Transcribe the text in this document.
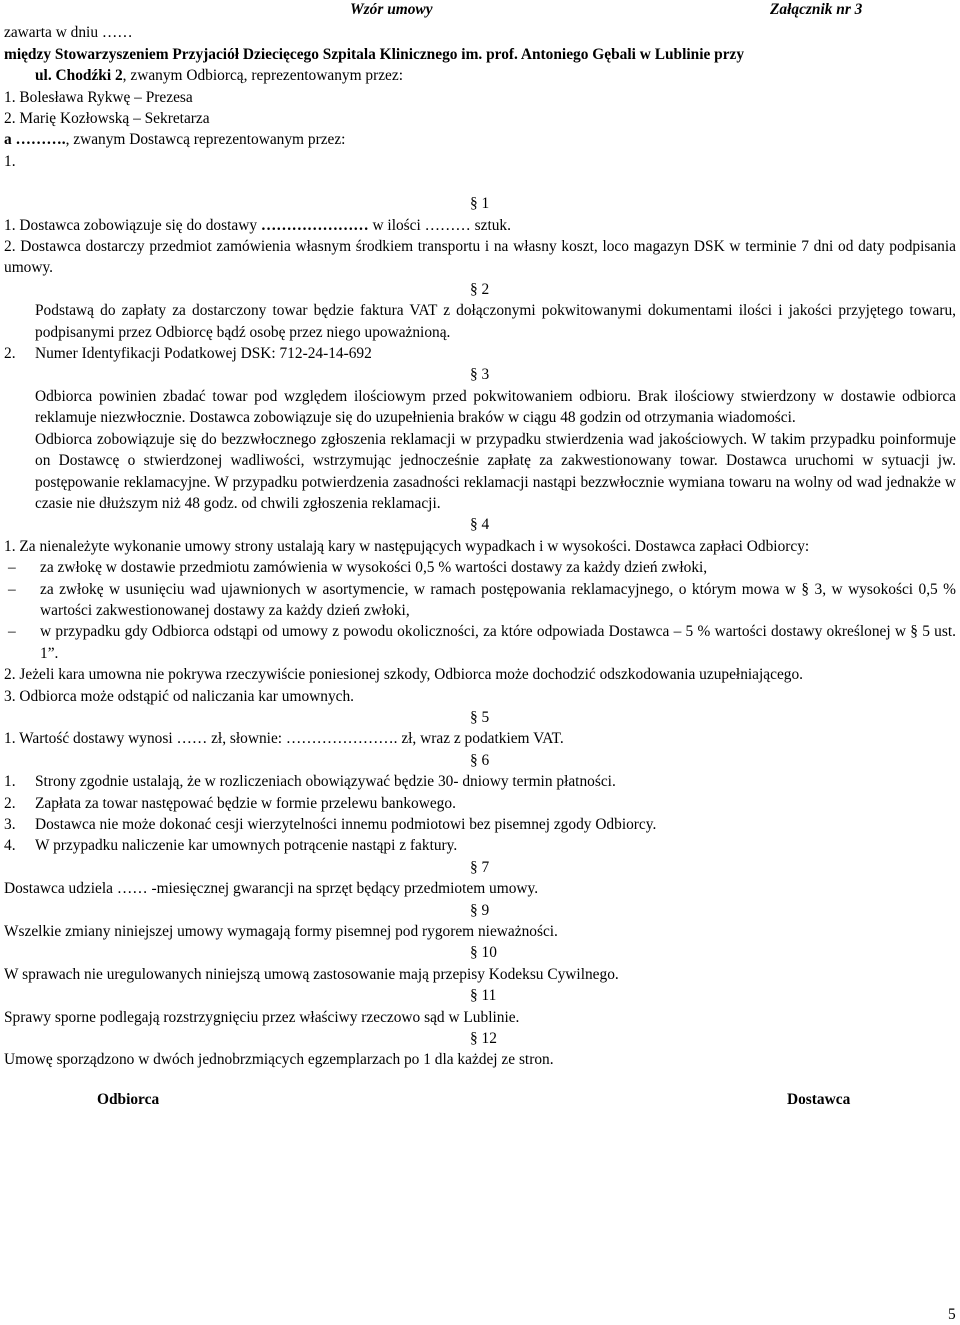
Wzór umowy	Załącznik nr 3
zawarta w dniu ……
między Stowarzyszeniem Przyjaciół Dziecięcego Szpitala Klinicznego im. prof. Antoniego Gębali w Lublinie przy
ul. Chodźki 2, zwanym Odbiorcą, reprezentowanym przez:
1. Bolesława Rykwę – Prezesa
2. Marię Kozłowską – Sekretarza
a ………., zwanym Dostawcą reprezentowanym przez:
1.
§ 1
1. Dostawca zobowiązuje się do dostawy ………………… w ilości ……… sztuk.
2. Dostawca dostarczy przedmiot zamówienia własnym środkiem transportu i na własny koszt, loco magazyn DSK w terminie 7 dni od daty podpisania umowy.
§ 2
Podstawą do zapłaty za dostarczony towar będzie faktura VAT z dołączonymi pokwitowanymi dokumentami ilości i jakości przyjętego towaru, podpisanymi przez Odbiorcę bądź osobę przez niego upoważnioną.
2. Numer Identyfikacji Podatkowej DSK: 712-24-14-692
§ 3
Odbiorca powinien zbadać towar pod względem ilościowym przed pokwitowaniem odbioru. Brak ilościowy stwierdzony w dostawie odbiorca reklamuje niezwłocznie. Dostawca zobowiązuje się do uzupełnienia braków w ciągu 48 godzin od otrzymania wiadomości.
Odbiorca zobowiązuje się do bezzwłocznego zgłoszenia reklamacji w przypadku stwierdzenia wad jakościowych. W takim przypadku poinformuje on Dostawcę o stwierdzonej wadliwości, wstrzymując jednocześnie zapłatę za zakwestionowany towar. Dostawca uruchomi w sytuacji jw. postępowanie reklamacyjne. W przypadku potwierdzenia zasadności reklamacji nastąpi bezzwłocznie wymiana towaru na wolny od wad jednakże w czasie nie dłuższym niż 48 godz. od chwili zgłoszenia reklamacji.
§ 4
1. Za nienależyte wykonanie umowy strony ustalają kary w następujących wypadkach i w wysokości. Dostawca zapłaci Odbiorcy:
– za zwłokę w dostawie przedmiotu zamówienia w wysokości 0,5 % wartości dostawy za każdy dzień zwłoki,
– za zwłokę w usunięciu wad ujawnionych w asortymencie, w ramach postępowania reklamacyjnego, o którym mowa w § 3, w wysokości 0,5 % wartości zakwestionowanej dostawy za każdy dzień zwłoki,
– w przypadku gdy Odbiorca odstąpi od umowy z powodu okoliczności, za które odpowiada Dostawca – 5 % wartości dostawy określonej w § 5 ust. 1”.
2. Jeżeli kara umowna nie pokrywa rzeczywiście poniesionej szkody, Odbiorca może dochodzić odszkodowania uzupełniającego.
3. Odbiorca może odstąpić od naliczania kar umownych.
§ 5
1. Wartość dostawy wynosi …… zł, słownie: …………………. zł, wraz z podatkiem VAT.
§ 6
1. Strony zgodnie ustalają, że w rozliczeniach obowiązywać będzie 30- dniowy termin płatności.
2. Zapłata za towar następować będzie w formie przelewu bankowego.
3. Dostawca nie może dokonać cesji wierzytelności innemu podmiotowi bez pisemnej zgody Odbiorcy.
4. W przypadku naliczenie kar umownych potrącenie nastąpi z faktury.
§ 7
Dostawca udziela …… -miesięcznej gwarancji na sprzęt będący przedmiotem umowy.
§ 9
Wszelkie zmiany niniejszej umowy wymagają formy pisemnej pod rygorem nieważności.
§ 10
W sprawach nie uregulowanych niniejszą umową zastosowanie mają przepisy Kodeksu Cywilnego.
§ 11
Sprawy sporne podlegają rozstrzygnięciu przez właściwy rzeczowo sąd w Lublinie.
§ 12
Umowę sporządzono w dwóch jednobrzmiących egzemplarzach po 1 dla każdej ze stron.
Odbiorca	Dostawca
5
